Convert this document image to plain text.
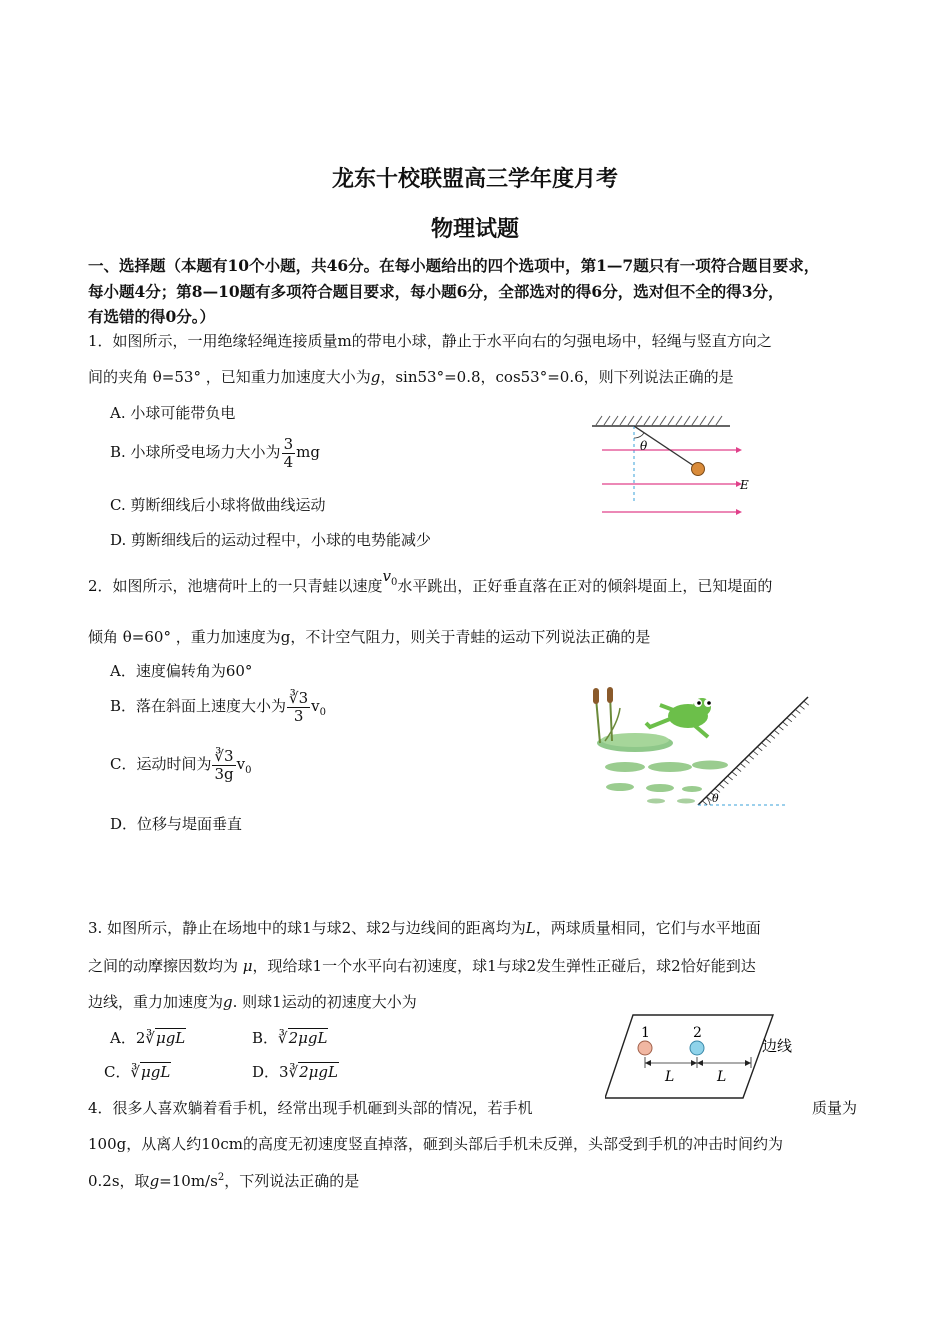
龙东十校联盟高三学年度月考
物理试题
一、选择题（本题有10个小题，共46分。在每小题给出的四个选项中，第1—7题只有一项符合题目要求，
每小题4分；第8—10题有多项符合题目要求，每小题6分，全部选对的得6分，选对但不全的得3分，
有选错的得0分。）
1．如图所示，一用绝缘轻绳连接质量m的带电小球，静止于水平向右的匀强电场中，轻绳与竖直方向之
间的夹角 θ=53° ，已知重力加速度大小为g，sin53°=0.8，cos53°=0.6，则下列说法正确的是
A. 小球可能带负电
B. 小球所受电场力大小为 $\frac{3}{4}$ mg
C. 剪断细线后小球将做曲线运动
D. 剪断细线后的运动过程中，小球的电势能减少
θ
E
2．如图所示，池塘荷叶上的一只青蛙以速度$v_0$水平跳出，正好垂直落在正对的倾斜堤面上，已知堤面的
倾角 θ=60° ，重力加速度为g，不计空气阻力，则关于青蛙的运动下列说法正确的是
A．速度偏转角为60°
B．落在斜面上速度大小为 $\frac{∛3}{3} v_0$
C．运动时间为 $\frac{∛3}{3g} v_0$
D．位移与堤面垂直
θ
3. 如图所示，静止在场地中的球1与球2、球2与边线间的距离均为L，两球质量相同，它们与水平地面
之间的动摩擦因数均为 μ，现给球1一个水平向右初速度，球1与球2发生弹性正碰后，球2恰好能到达
边线，重力加速度为g. 则球1运动的初速度大小为
A．2∛μgL	B．∛2μgL
C．∛μgL	D．3∛2μgL
1	2
L	L
边线
4．很多人喜欢躺着看手机，经常出现手机砸到头部的情况，若手机	质量为
100g，从离人约10cm的高度无初速度竖直掉落，砸到头部后手机未反弹，头部受到手机的冲击时间约为
0.2s，取$g=10m/s^2$，下列说法正确的是
